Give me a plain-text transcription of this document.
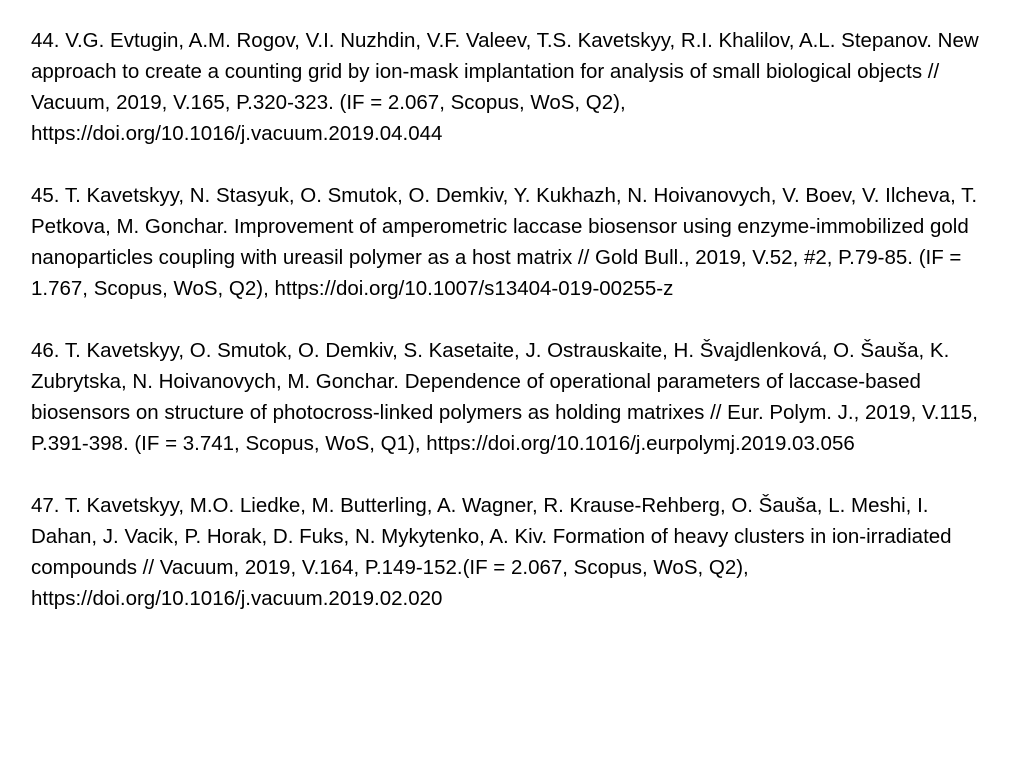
44. V.G. Evtugin, A.M. Rogov, V.I. Nuzhdin, V.F. Valeev, T.S. Kavetskyy, R.I. Khalilov, A.L. Stepanov. New approach to create a counting grid by ion-mask implantation for analysis of small biological objects // Vacuum, 2019, V.165, P.320-323. (IF = 2.067, Scopus, WoS, Q2), https://doi.org/10.1016/j.vacuum.2019.04.044

45. T. Kavetskyy, N. Stasyuk, O. Smutok, O. Demkiv, Y. Kukhazh, N. Hoivanovych, V. Boev, V. Ilcheva, T. Petkova, M. Gonchar. Improvement of amperometric laccase biosensor using enzyme-immobilized gold nanoparticles coupling with ureasil polymer as a host matrix // Gold Bull., 2019, V.52, #2, P.79-85. (IF = 1.767, Scopus, WoS, Q2), https://doi.org/10.1007/s13404-019-00255-z

46. T. Kavetskyy, O. Smutok, O. Demkiv, S. Kasetaite, J. Ostrauskaite, H. Švajdlenková, O. Šauša, K. Zubrytska, N. Hoivanovych, M. Gonchar. Dependence of operational parameters of laccase-based biosensors on structure of photocross-linked polymers as holding matrixes // Eur. Polym. J., 2019, V.115, P.391-398. (IF = 3.741, Scopus, WoS, Q1), https://doi.org/10.1016/j.eurpolymj.2019.03.056

47. T. Kavetskyy, M.O. Liedke, M. Butterling, A. Wagner, R. Krause-Rehberg, O. Šauša, L. Meshi, I. Dahan, J. Vacik, P. Horak, D. Fuks, N. Mykytenko, A. Kiv. Formation of heavy clusters in ion-irradiated compounds // Vacuum, 2019, V.164, P.149-152.(IF = 2.067, Scopus, WoS, Q2), https://doi.org/10.1016/j.vacuum.2019.02.020
